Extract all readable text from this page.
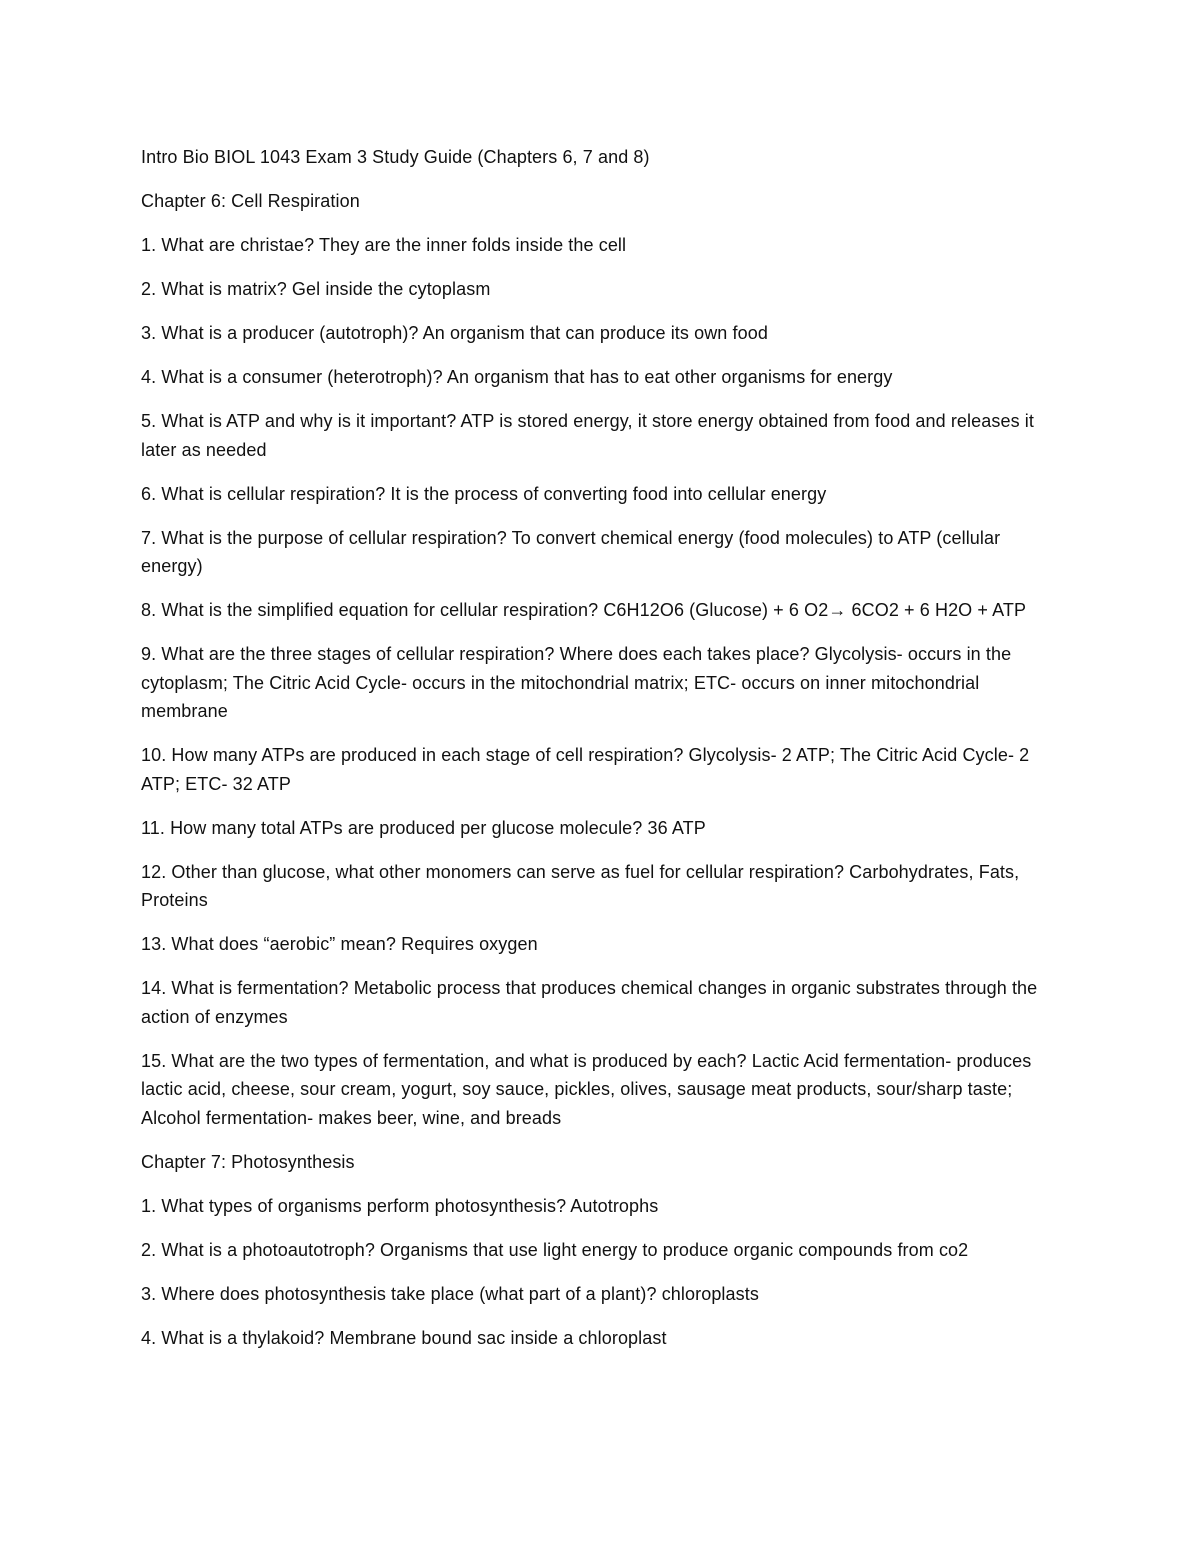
Intro Bio BIOL 1043 Exam 3 Study Guide (Chapters 6, 7 and 8)

Chapter 6: Cell Respiration

1. What are christae? They are the inner folds inside the cell

2. What is matrix? Gel inside the cytoplasm

3. What is a producer (autotroph)? An organism that can produce its own food

4. What is a consumer (heterotroph)? An organism that has to eat other organisms for energy

5. What is ATP and why is it important? ATP is stored energy, it store energy obtained from food and releases it later as needed

6. What is cellular respiration? It is the process of converting food into cellular energy

7. What is the purpose of cellular respiration? To convert chemical energy (food molecules) to ATP (cellular energy)

8. What is the simplified equation for cellular respiration? C6H12O6 (Glucose) + 6 O2→ 6CO2 + 6 H2O + ATP

9. What are the three stages of cellular respiration? Where does each takes place? Glycolysis- occurs in the cytoplasm; The Citric Acid Cycle- occurs in the mitochondrial matrix; ETC- occurs on inner mitochondrial membrane

10. How many ATPs are produced in each stage of cell respiration? Glycolysis- 2 ATP; The Citric Acid Cycle- 2 ATP; ETC- 32 ATP

11. How many total ATPs are produced per glucose molecule? 36 ATP

12. Other than glucose, what other monomers can serve as fuel for cellular respiration? Carbohydrates, Fats, Proteins

13. What does “aerobic” mean? Requires oxygen

14. What is fermentation? Metabolic process that produces chemical changes in organic substrates through the action of enzymes

15. What are the two types of fermentation, and what is produced by each? Lactic Acid fermentation- produces lactic acid, cheese, sour cream, yogurt, soy sauce, pickles, olives, sausage meat products, sour/sharp taste; Alcohol fermentation- makes beer, wine, and breads

Chapter 7: Photosynthesis

1. What types of organisms perform photosynthesis? Autotrophs

2. What is a photoautotroph? Organisms that use light energy to produce organic compounds from co2

3. Where does photosynthesis take place (what part of a plant)? chloroplasts

4. What is a thylakoid? Membrane bound sac inside a chloroplast
